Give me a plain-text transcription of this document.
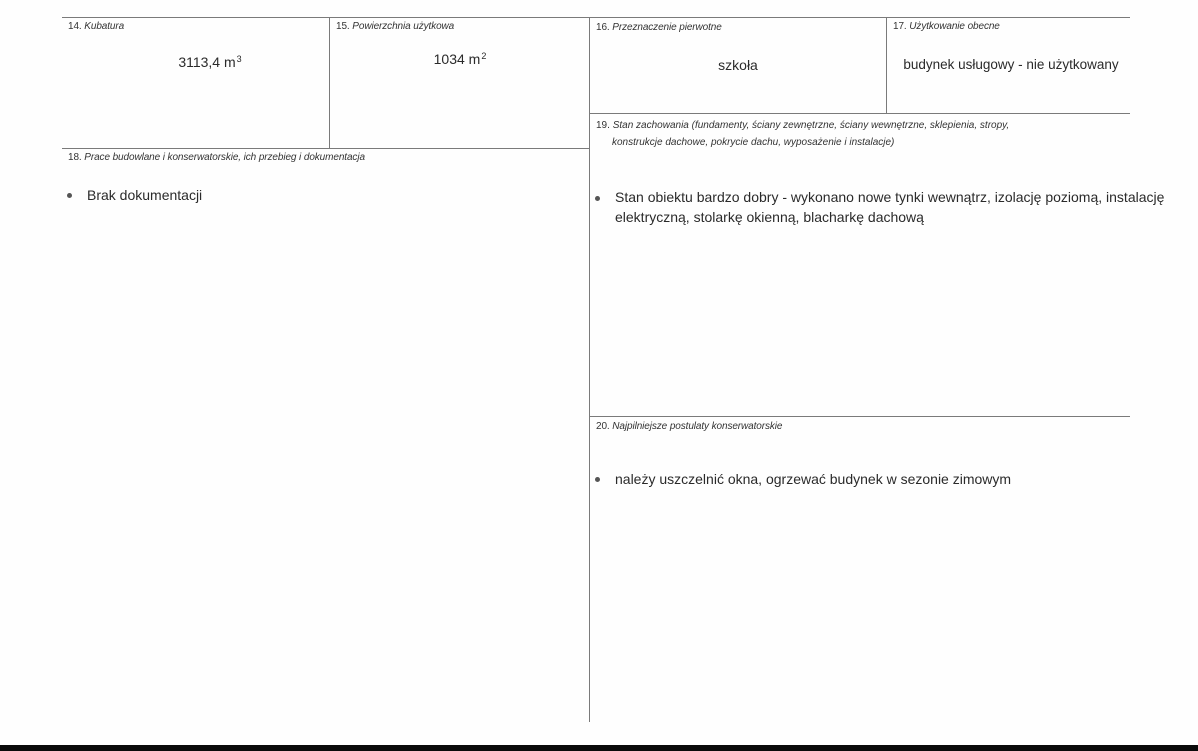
14. Kubatura
3113,4 $m^3$
15. Powierzchnia użytkowa
1034 $m^2$
16. Przeznaczenie pierwotne
szkoła
17. Użytkowanie obecne
budynek usługowy - nie użytkowany
18. Prace budowlane i konserwatorskie, ich przebieg i dokumentacja
Brak dokumentacji
19. Stan zachowania (fundamenty, ściany zewnętrzne, ściany wewnętrzne, sklepienia, stropy,
konstrukcje dachowe, pokrycie dachu, wyposażenie i instalacje)
Stan obiektu bardzo dobry - wykonano nowe tynki wewnątrz, izolację poziomą, instalację
elektryczną, stolarkę okienną, blacharkę dachową
20. Najpilniejsze postulaty konserwatorskie
należy uszczelnić okna, ogrzewać budynek w sezonie zimowym
